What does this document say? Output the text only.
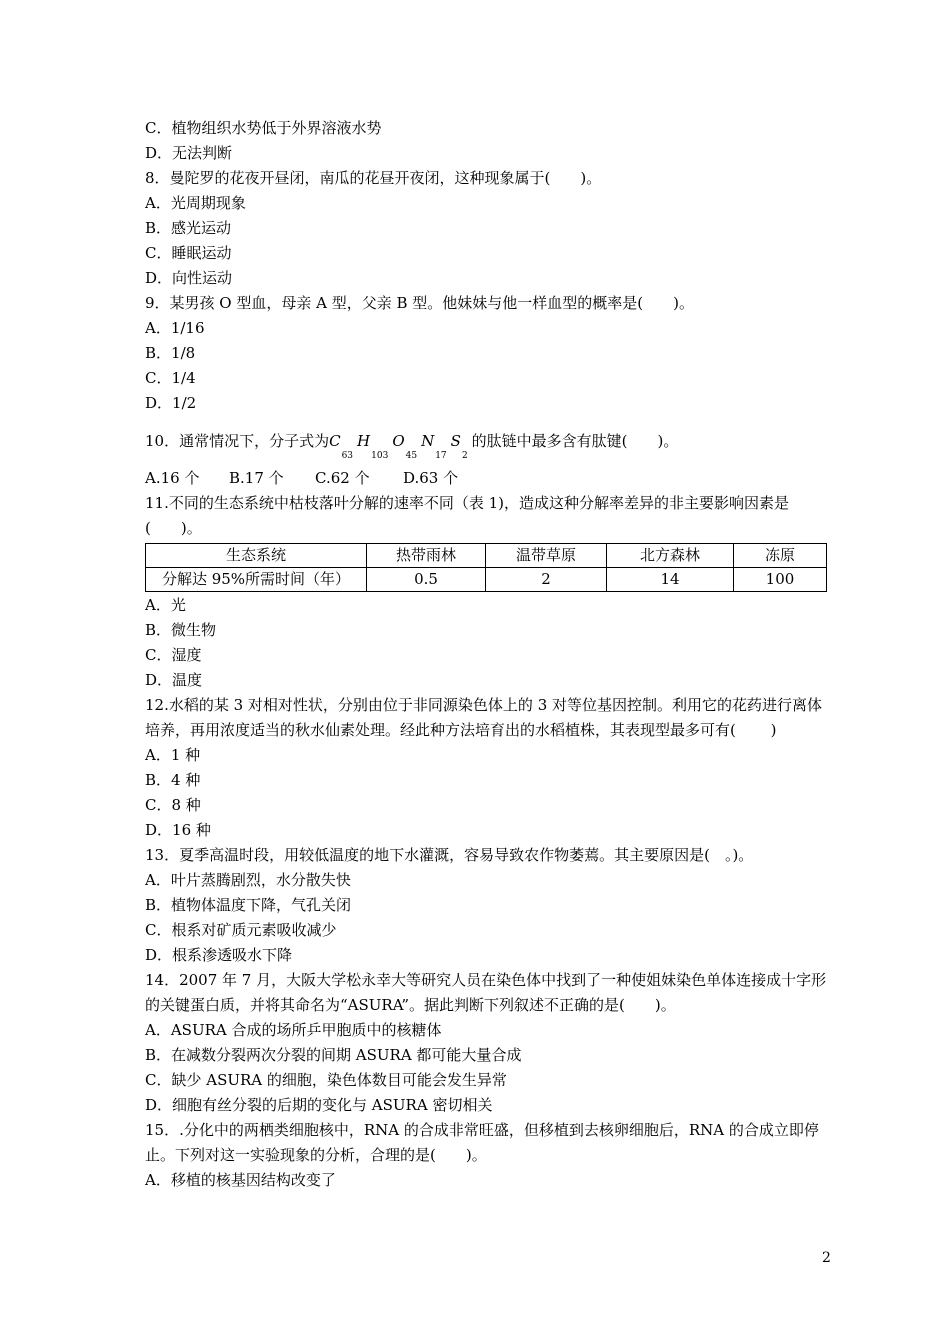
C．植物组织水势低于外界溶液水势
D．无法判断
8．曼陀罗的花夜开昼闭，南瓜的花昼开夜闭，这种现象属于(　　)。
A．光周期现象
B．感光运动
C．睡眠运动
D．向性运动
9．某男孩 O 型血，母亲 A 型，父亲 B 型。他妹妹与他一样血型的概率是(　　)。
A．1/16
B．1/8
C．1/4
D．1/2
10．通常情况下，分子式为$C_{63}H_{103}O_{45}N_{17}S_2$的肽链中最多含有肽键(　　)。
A.16 个 B.17 个 C.62 个 D.63 个
11.不同的生态系统中枯枝落叶分解的速率不同（表 1)，造成这种分解率差异的非主要影响因素是(　　)。
生态系统	热带雨林	温带草原	北方森林	冻原
分解达 95%所需时间（年）	0.5	2	14	100
A．光
B．微生物
C．湿度
D．温度
12.水稻的某 3 对相对性状，分别由位于非同源染色体上的 3 对等位基因控制。利用它的花药进行离体培养，再用浓度适当的秋水仙素处理。经此种方法培育出的水稻植株，其表现型最多可有(　　 )
A．1 种
B．4 种
C．8 种
D．16 种
13．夏季高温时段，用较低温度的地下水灌溉，容易导致农作物萎蔫。其主要原因是(　。)。
A．叶片蒸腾剧烈，水分散失快
B．植物体温度下降，气孔关闭
C．根系对矿质元素吸收减少
D．根系渗透吸水下降
14．2007 年 7 月，大阪大学松永幸大等研究人员在染色体中找到了一种使姐妹染色单体连接成十字形的关键蛋白质，并将其命名为“ASURA”。据此判断下列叙述不正确的是(　　)。
A．ASURA 合成的场所乒甲胞质中的核糖体
B．在减数分裂两次分裂的间期 ASURA 都可能大量合成
C．缺少 ASURA 的细胞，染色体数目可能会发生异常
D．细胞有丝分裂的后期的变化与 ASURA 密切相关
15．.分化中的两栖类细胞核中，RNA 的合成非常旺盛，但移植到去核卵细胞后，RNA 的合成立即停止。下列对这一实验现象的分析，合理的是(　　)。
A．移植的核基因结构改变了
2
